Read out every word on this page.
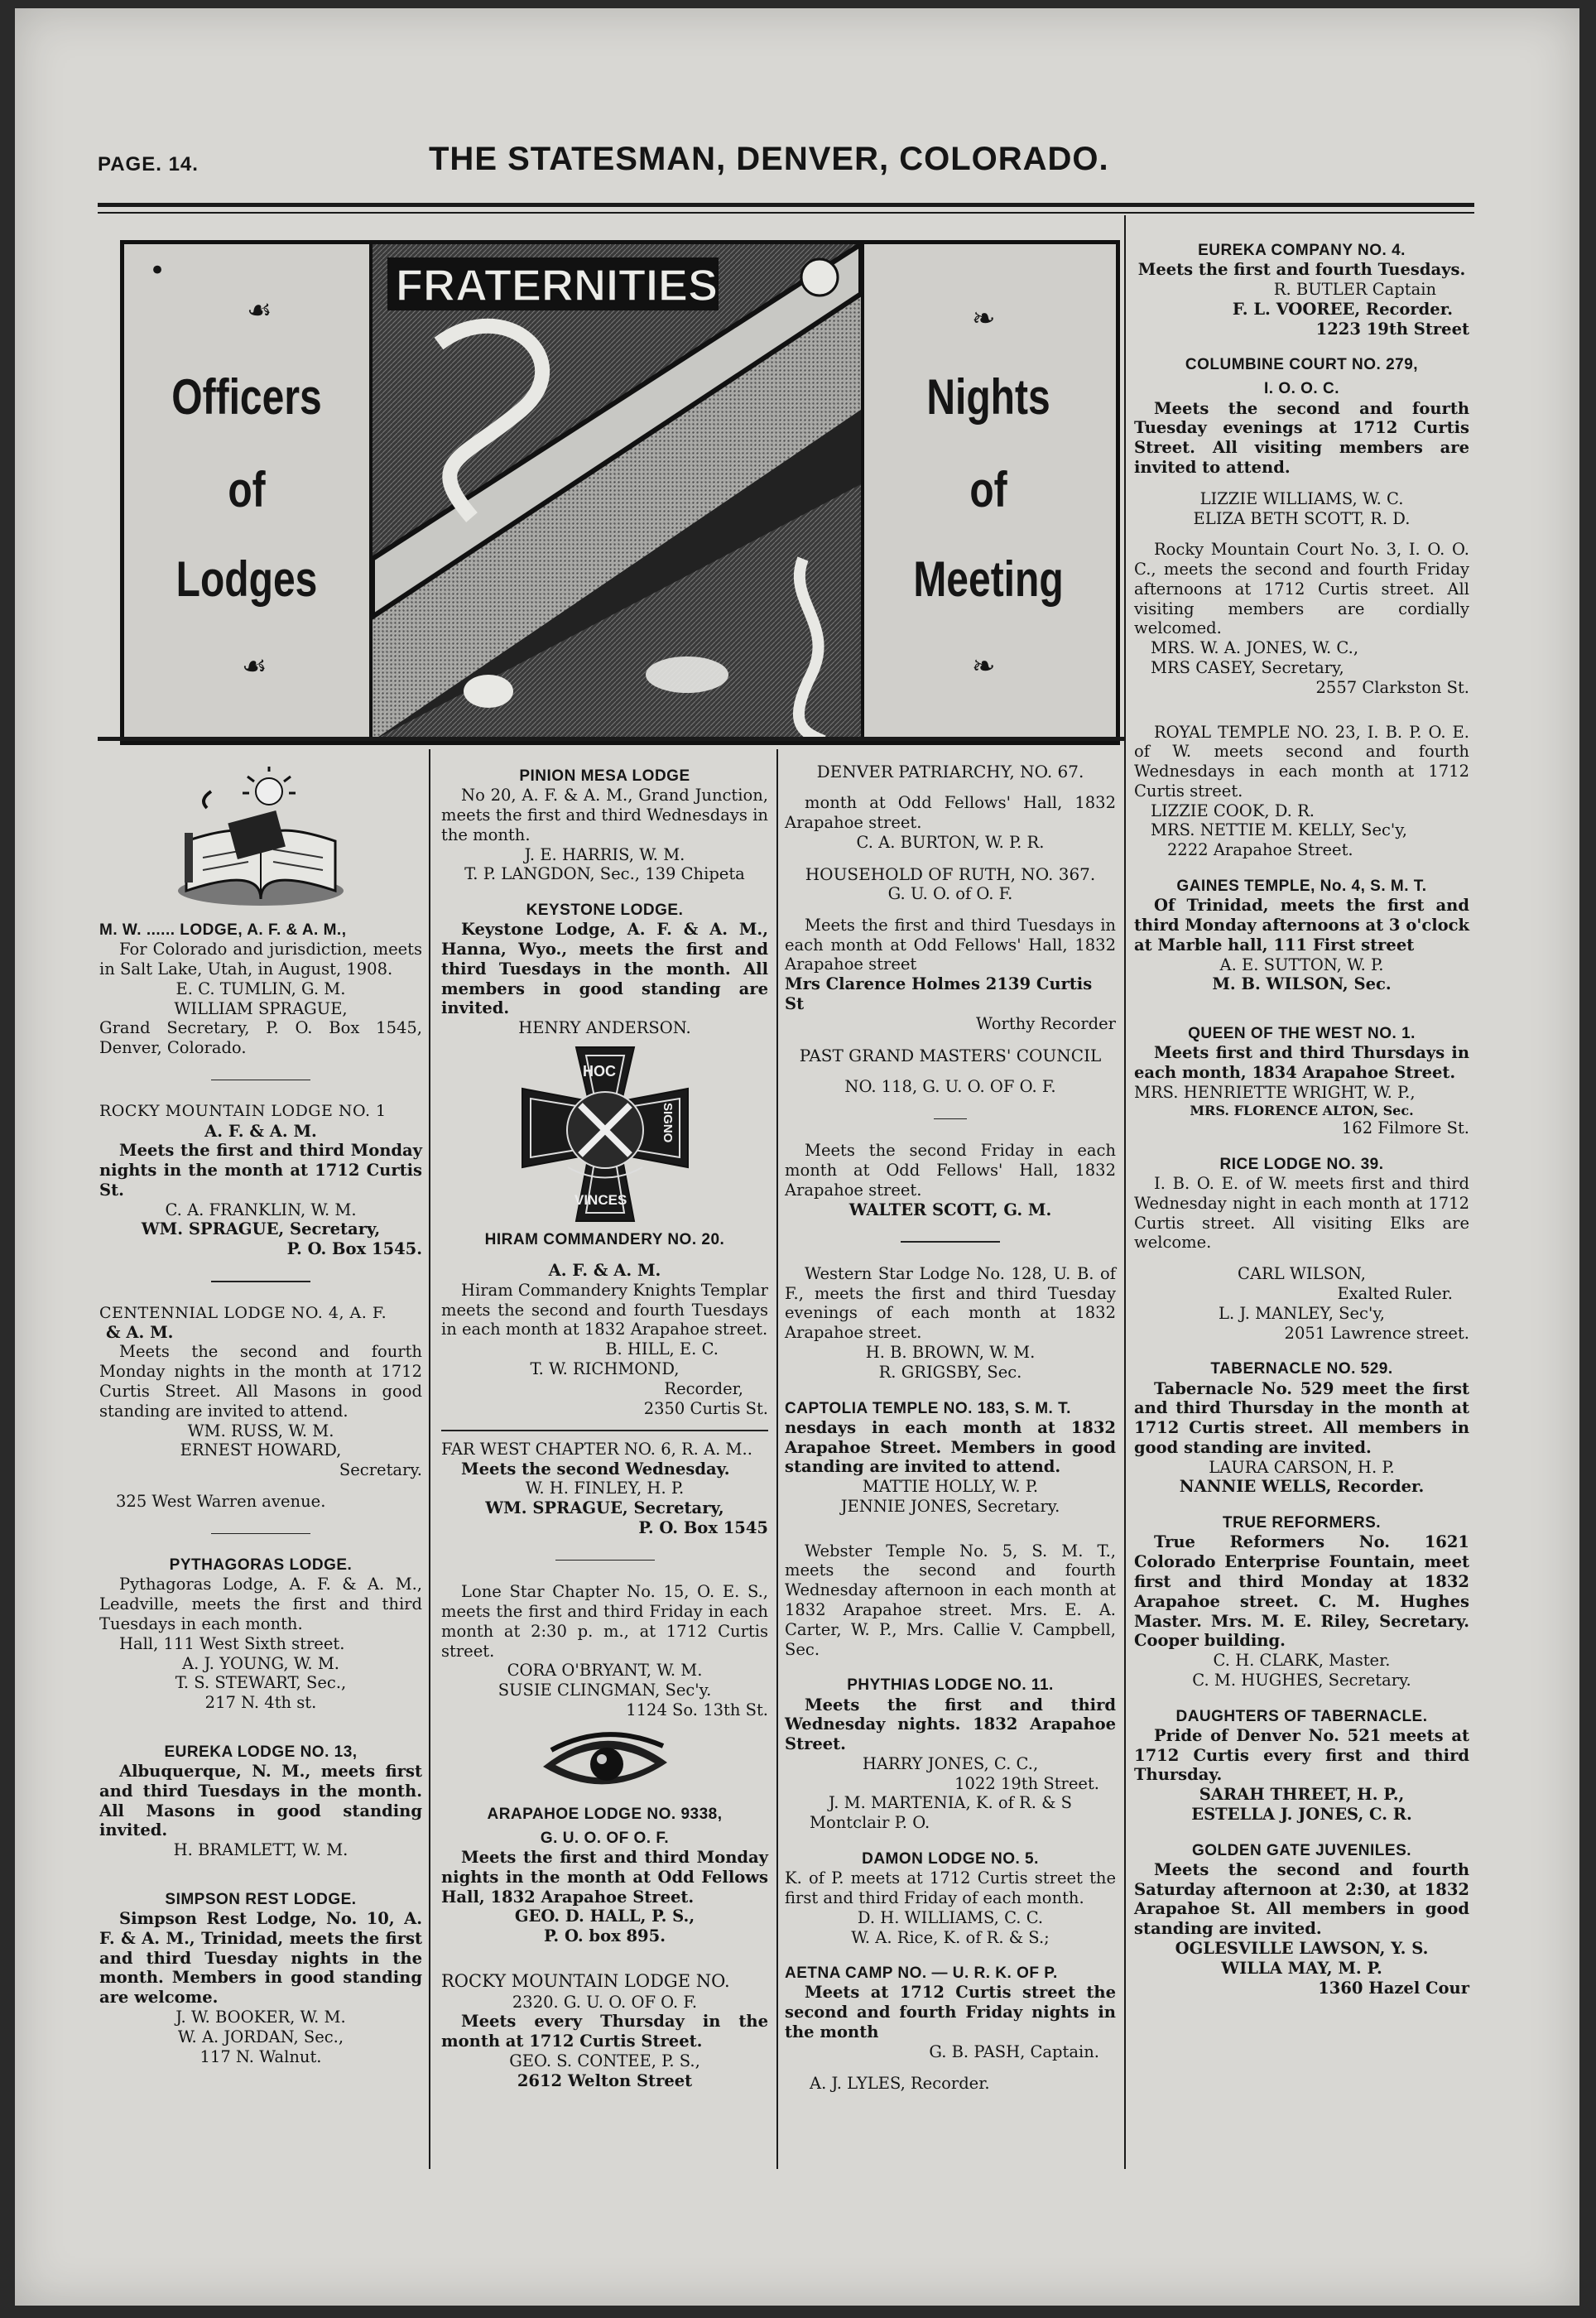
PAGE. 14.	THE STATESMAN, DENVER, COLORADO.
•
☙
Officers
of
Lodges
☙
FRATERNITIES
❧
Nights
of
Meeting
❧
M. W. ...... LODGE, A. F. & A. M.,
For Colorado and jurisdiction, meets in Salt Lake, Utah, in August, 1908.
E. C. TUMLIN, G. M.
WILLIAM SPRAGUE,
Grand Secretary, P. O. Box 1545, Denver, Colorado.
ROCKY MOUNTAIN LODGE NO. 1
A. F. & A. M.
Meets the first and third Monday nights in the month at 1712 Curtis St.
C. A. FRANKLIN, W. M.
WM. SPRAGUE, Secretary,
P. O. Box 1545.
CENTENNIAL LODGE NO. 4, A. F.
& A. M.
Meets the second and fourth Monday nights in the month at 1712 Curtis Street. All Masons in good standing are invited to attend.
WM. RUSS, W. M.
ERNEST HOWARD,
Secretary.
325 West Warren avenue.
PYTHAGORAS LODGE.
Pythagoras Lodge, A. F. & A. M., Leadville, meets the first and third Tuesdays in each month.
Hall, 111 West Sixth street.
A. J. YOUNG, W. M.
T. S. STEWART, Sec.,
217 N. 4th st.
EUREKA LODGE NO. 13,
Albuquerque, N. M., meets first and third Tuesdays in the month. All Masons in good standing invited.
H. BRAMLETT, W. M.
SIMPSON REST LODGE.
Simpson Rest Lodge, No. 10, A. F. & A. M., Trinidad, meets the first and third Tuesday nights in the month. Members in good standing are welcome.
J. W. BOOKER, W. M.
W. A. JORDAN, Sec.,
117 N. Walnut.
PINION MESA LODGE
No 20, A. F. & A. M., Grand Junction, meets the first and third Wednesdays in the month.
J. E. HARRIS, W. M.
T. P. LANGDON, Sec., 139 Chipeta
KEYSTONE LODGE.
Keystone Lodge, A. F. & A. M., Hanna, Wyo., meets the first and third Tuesdays in the month. All members in good standing are invited.
HENRY ANDERSON.
HOC
SIGNO
VINCES
HIRAM COMMANDERY NO. 20.
A. F. & A. M.
Hiram Commandery Knights Templar meets the second and fourth Tuesdays in each month at 1832 Arapahoe street.
B. HILL, E. C.
T. W. RICHMOND,
Recorder,
2350 Curtis St.
FAR WEST CHAPTER NO. 6, R. A. M..
Meets the second Wednesday.
W. H. FINLEY, H. P.
WM. SPRAGUE, Secretary,
P. O. Box 1545
Lone Star Chapter No. 15, O. E. S., meets the first and third Friday in each month at 2:30 p. m., at 1712 Curtis street.
CORA O'BRYANT, W. M.
SUSIE CLINGMAN, Sec'y.
1124 So. 13th St.
ARAPAHOE LODGE NO. 9338,
G. U. O. OF O. F.
Meets the first and third Monday nights in the month at Odd Fellows Hall, 1832 Arapahoe Street.
GEO. D. HALL, P. S.,
P. O. box 895.
ROCKY MOUNTAIN LODGE NO.
2320. G. U. O. OF O. F.
Meets every Thursday in the month at 1712 Curtis Street.
GEO. S. CONTEE, P. S.,
2612 Welton Street
DENVER PATRIARCHY, NO. 67.
month at Odd Fellows' Hall, 1832 Arapahoe street.
C. A. BURTON, W. P. R.
HOUSEHOLD OF RUTH, NO. 367.
G. U. O. of O. F.
Meets the first and third Tuesdays in each month at Odd Fellows' Hall, 1832 Arapahoe street
Mrs Clarence Holmes 2139 Curtis St
Worthy Recorder
PAST GRAND MASTERS' COUNCIL
NO. 118, G. U. O. OF O. F.
Meets the second Friday in each month at Odd Fellows' Hall, 1832 Arapahoe street.
WALTER SCOTT, G. M.
Western Star Lodge No. 128, U. B. of F., meets the first and third Tuesday evenings of each month at 1832 Arapahoe street.
H. B. BROWN, W. M.
R. GRIGSBY, Sec.
CAPTOLIA TEMPLE NO. 183, S. M. T.
nesdays in each month at 1832 Arapahoe Street. Members in good standing are invited to attend.
MATTIE HOLLY, W. P.
JENNIE JONES, Secretary.
Webster Temple No. 5, S. M. T., meets the second and fourth Wednesday afternoon in each month at 1832 Arapahoe street. Mrs. E. A. Carter, W. P., Mrs. Callie V. Campbell, Sec.
PHYTHIAS LODGE NO. 11.
Meets the first and third Wednesday nights. 1832 Arapahoe Street.
HARRY JONES, C. C.,
1022 19th Street.
J. M. MARTENIA, K. of R. & S
Montclair P. O.
DAMON LODGE NO. 5.
K. of P. meets at 1712 Curtis street the first and third Friday of each month.
D. H. WILLIAMS, C. C.
W. A. Rice, K. of R. & S.;
AETNA CAMP NO. — U. R. K. OF P.
Meets at 1712 Curtis street the second and fourth Friday nights in the month
G. B. PASH, Captain.
A. J. LYLES, Recorder.
EUREKA COMPANY NO. 4.
Meets the first and fourth Tuesdays.
R. BUTLER Captain
F. L. VOOREE, Recorder.
1223 19th Street
COLUMBINE COURT NO. 279,
I. O. O. C.
Meets the second and fourth Tuesday evenings at 1712 Curtis Street. All visiting members are invited to attend.
LIZZIE WILLIAMS, W. C.
ELIZA BETH SCOTT, R. D.
Rocky Mountain Court No. 3, I. O. O. C., meets the second and fourth Friday afternoons at 1712 Curtis street. All visiting members are cordially welcomed.
MRS. W. A. JONES, W. C.,
MRS CASEY, Secretary,
2557 Clarkston St.
ROYAL TEMPLE NO. 23, I. B. P. O. E. of W. meets second and fourth Wednesdays in each month at 1712 Curtis street.
LIZZIE COOK, D. R.
MRS. NETTIE M. KELLY, Sec'y,
2222 Arapahoe Street.
GAINES TEMPLE, No. 4, S. M. T.
Of Trinidad, meets the first and third Monday afternoons at 3 o'clock at Marble hall, 111 First street
A. E. SUTTON, W. P.
M. B. WILSON, Sec.
QUEEN OF THE WEST NO. 1.
Meets first and third Thursdays in each month, 1834 Arapahoe Street.
MRS. HENRIETTE WRIGHT, W. P.,
MRS. FLORENCE ALTON, Sec.
162 Filmore St.
RICE LODGE NO. 39.
I. B. O. E. of W. meets first and third Wednesday night in each month at 1712 Curtis street. All visiting Elks are welcome.
CARL WILSON,
Exalted Ruler.
L. J. MANLEY, Sec'y,
2051 Lawrence street.
TABERNACLE NO. 529.
Tabernacle No. 529 meet the first and third Thursday in the month at 1712 Curtis street. All members in good standing are invited.
LAURA CARSON, H. P.
NANNIE WELLS, Recorder.
TRUE REFORMERS.
True Reformers No. 1621 Colorado Enterprise Fountain, meet first and third Monday at 1832 Arapahoe street. C. M. Hughes Master. Mrs. M. E. Riley, Secretary. Cooper building.
C. H. CLARK, Master.
C. M. HUGHES, Secretary.
DAUGHTERS OF TABERNACLE.
Pride of Denver No. 521 meets at 1712 Curtis every first and third Thursday.
SARAH THREET, H. P.,
ESTELLA J. JONES, C. R.
GOLDEN GATE JUVENILES.
Meets the second and fourth Saturday afternoon at 2:30, at 1832 Arapahoe St. All members in good standing are invited.
OGLESVILLE LAWSON, Y. S.
WILLA MAY, M. P.
1360 Hazel Cour
